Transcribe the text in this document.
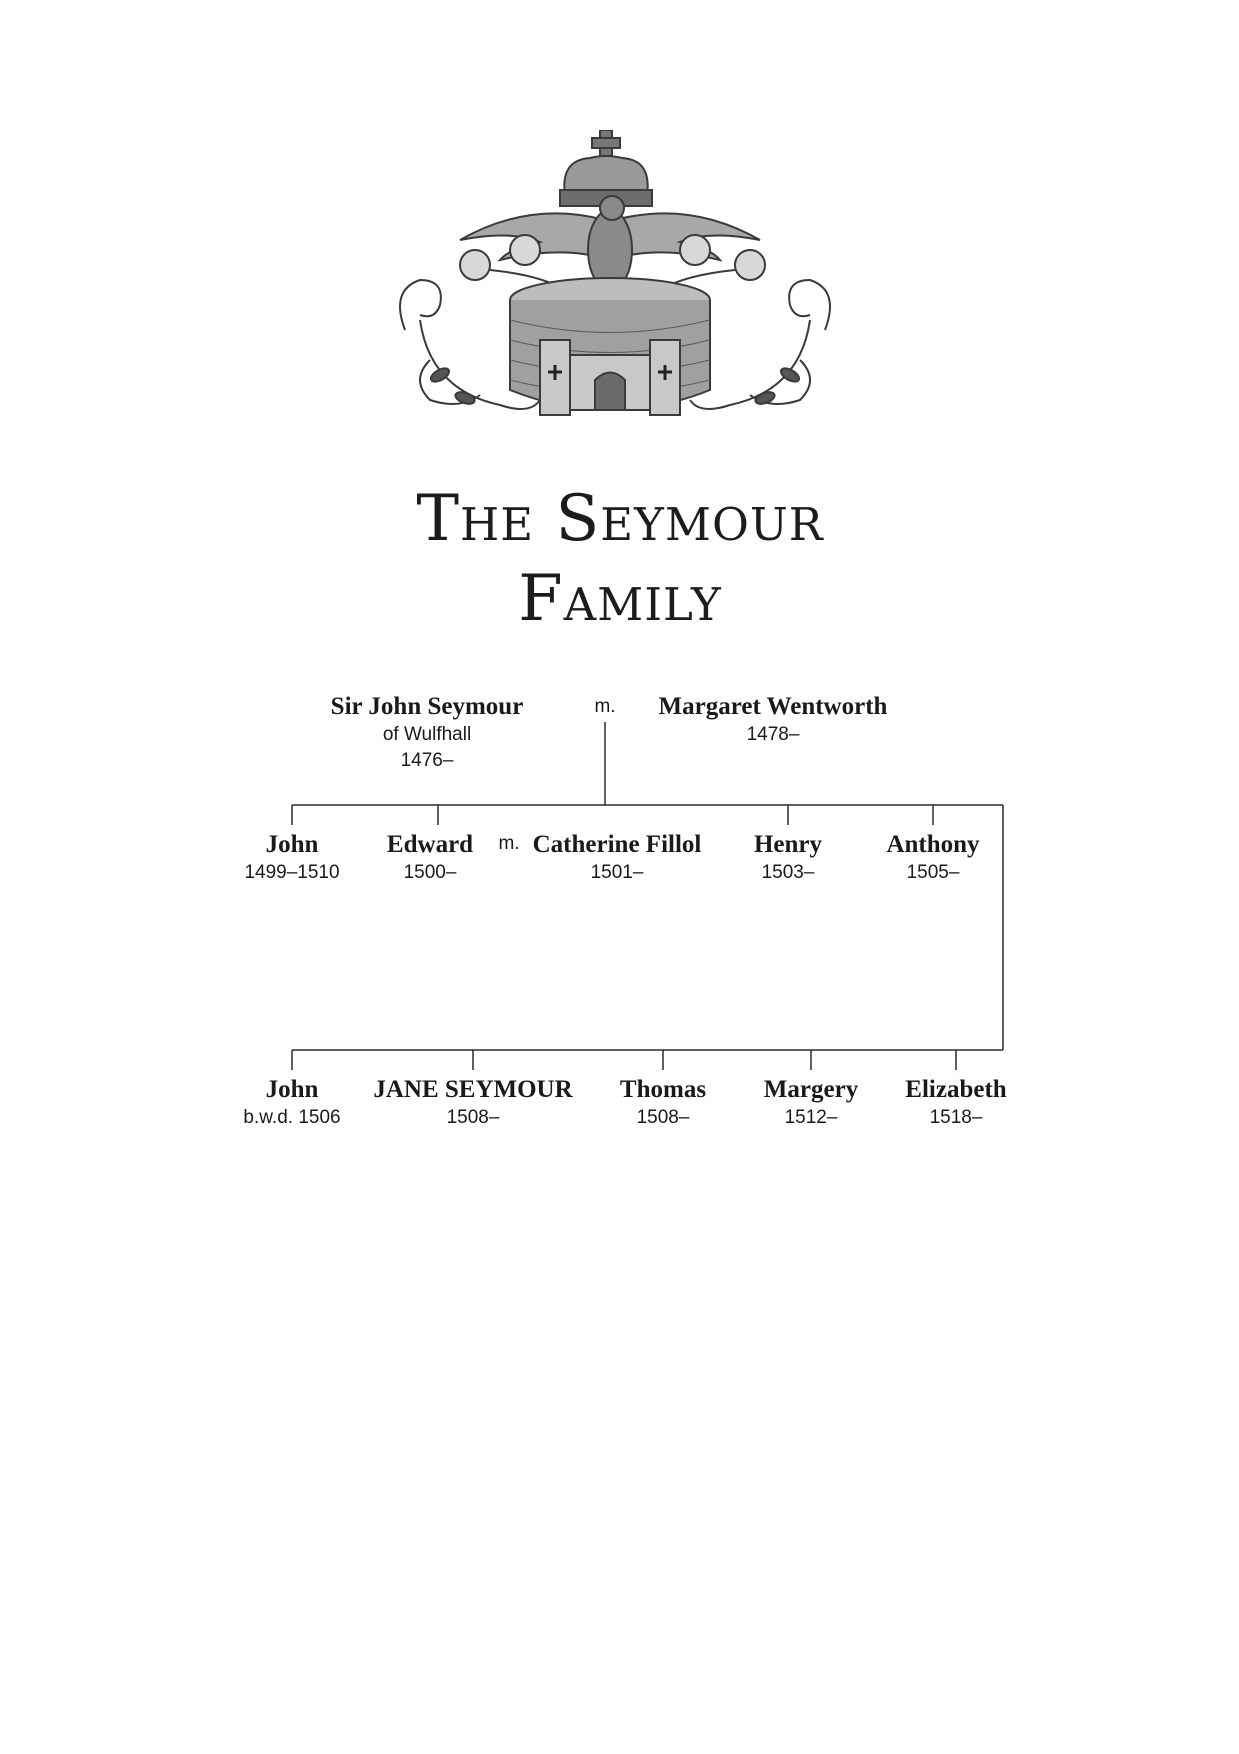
The Seymour
Family
Sir John Seymour
of Wulfhall
1476–
m. Margaret Wentworth
1478–
John
1499–1510
Edward
1500–
m. Catherine Fillol
1501–
Henry
1503–
Anthony
1505–
John
b.w.d. 1506
JANE SEYMOUR
1508–
Thomas
1508–
Margery
1512–
Elizabeth
1518–
